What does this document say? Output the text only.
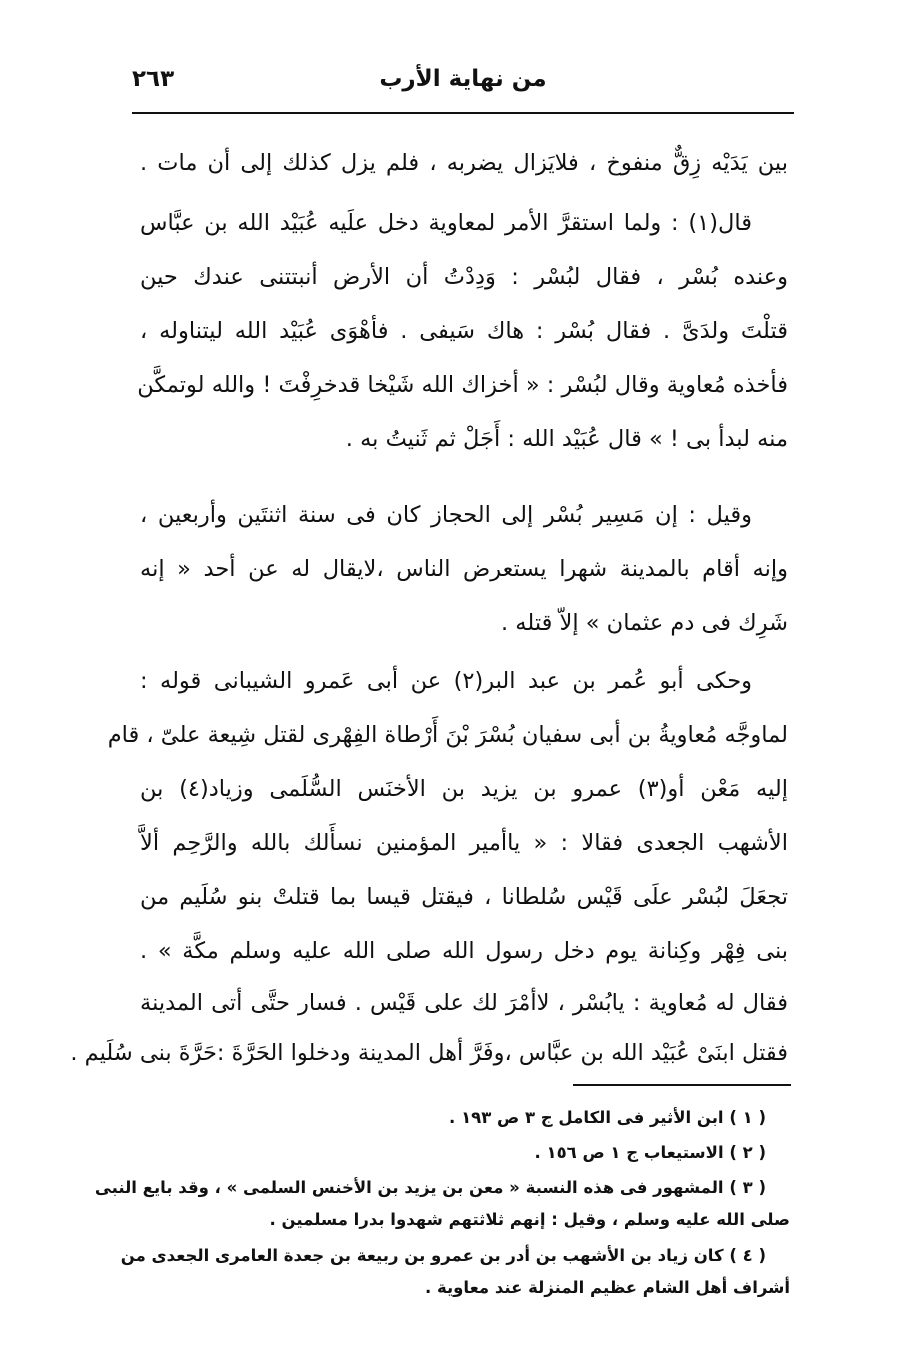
من نهاية الأرب
٢٦٣
بين يَدَيْه زِقٌّ منفوخ ، فلايَزال يضربه ، فلم يزل كذلك إلى أن مات .
قال(١) : ولما استقرَّ الأمر لمعاوية دخل علَيه عُبَيْد الله بن عبَّاس
وعنده بُسْر ، فقال لبُسْر : وَدِدْتُ أن الأرض أنبتتنى عندك حين
قتلْتَ ولدَىَّ . فقال بُسْر : هاك سَيفى . فأهْوَى عُبَيْد الله ليتناوله ،
فأخذه مُعاوية وقال لبُسْر : « أخزاك الله شَيْخا قدخرِفْتَ ! والله لوتمكَّن
منه لبدأ بى ! » قال عُبَيْد الله : أَجَلْ ثم ثَنيتُ به .
وقيل : إن مَسِير بُسْر إلى الحجاز كان فى سنة اثنتَين وأربعين ،
وإنه أقام بالمدينة شهرا يستعرض الناس ،لايقال له عن أحد « إنه
شَرِك فى دم عثمان » إلاّ قتله .
وحكى أبو عُمر بن عبد البر(٢) عن أبى عَمرو الشيبانى قوله :
لماوجَّه مُعاويةُ بن أبى سفيان بُسْرَ بْنَ أَرْطاة الفِهْرى لقتل شِيعة علىّ ، قام
إليه مَعْن أو(٣) عمرو بن يزيد بن الأخنَس السُّلَمى وزياد(٤) بن
الأشهب الجعدى فقالا : « ياأمير المؤمنين نسأَلك بالله والرَّحِم ألاَّ
تجعَلَ لبُسْر علَى قَيْس سُلطانا ، فيقتل قيسا بما قتلتْ بنو سُلَيم من
بنى فِهْر وكِنانة يوم دخل رسول الله صلى الله عليه وسلم مكَّة » .
فقال له مُعاوية : يابُسْر ، لاأمْرَ لك على قَيْس . فسار حتَّى أتى المدينة
فقتل ابنَىْ عُبَيْد الله بن عبَّاس ،وفَرَّ أهل المدينة ودخلوا الحَرَّةَ :حَرَّةَ بنى سُلَيم .
( ١ ) ابن الأثير فى الكامل ج ٣ ص ١٩٣ .
( ٢ ) الاستيعاب ج ١ ص ١٥٦ .
( ٣ ) المشهور فى هذه النسبة « معن بن يزيد بن الأخنس السلمى » ، وقد بايع النبى
صلى الله عليه وسلم ، وقيل : إنهم ثلاثتهم شهدوا بدرا مسلمين .
( ٤ ) كان زياد بن الأشهب بن أدر بن عمرو بن ربيعة بن جعدة العامرى الجعدى من
أشراف أهل الشام عظيم المنزلة عند معاوية .
